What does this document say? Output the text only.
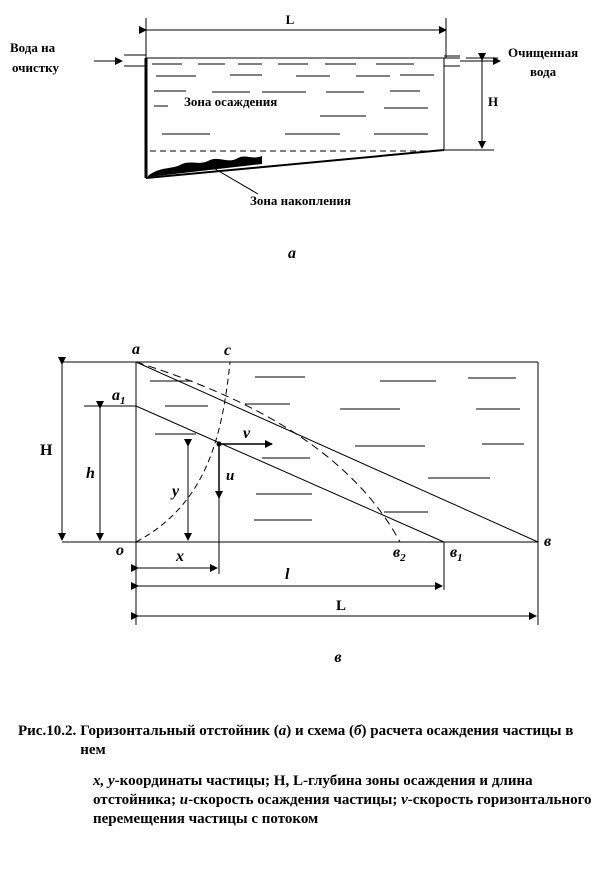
L
Вода на
очистку
Очищенная
вода
H
Зона осаждения
Зона накопления
а
Н
h
v
u
y
x
l
L
а	с
$а_1$
о	$в_2$	$в_1$
в
в
Рис.10.2. Горизонтальный отстойник (а) и схема (б) расчета осаждения частицы в нем
x, y-координаты частицы; H, L-глубина зоны осаждения и длина отстойника; u-скорость осаждения частицы; v-скорость горизонтального перемещения частицы с потоком
